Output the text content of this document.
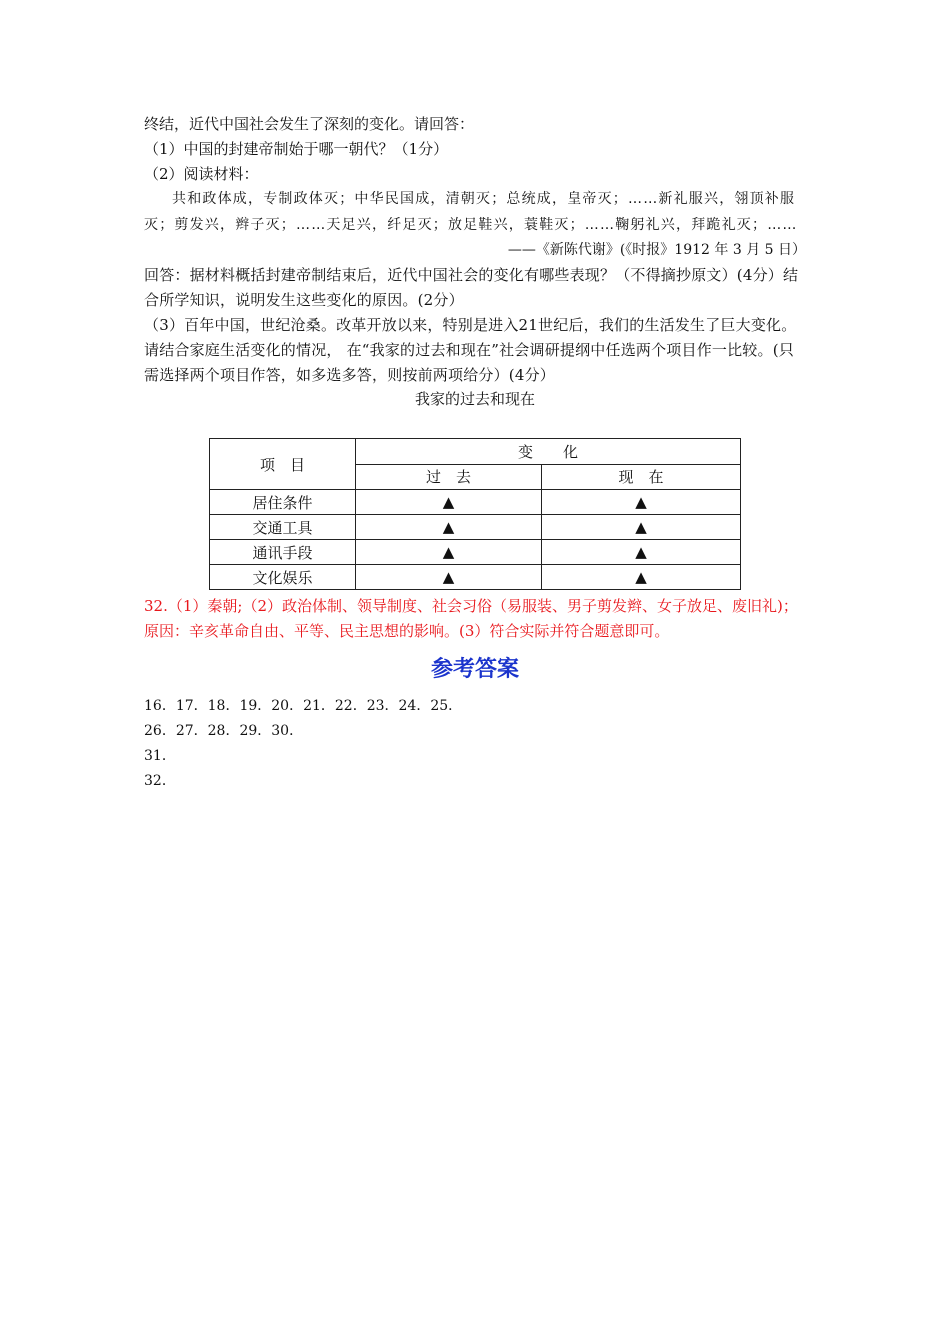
终结，近代中国社会发生了深刻的变化。请回答：
（1）中国的封建帝制始于哪一朝代？（1分）
（2）阅读材料：
共和政体成，专制政体灭；中华民国成，清朝灭；总统成，皇帝灭；……新礼服兴，翎顶补服灭；剪发兴，辫子灭；……天足兴，纤足灭；放足鞋兴，蓑鞋灭；……鞠躬礼兴，拜跪礼灭；……
——《新陈代谢》(《时报》1912 年 3 月 5 日）
回答：据材料概括封建帝制结束后，近代中国社会的变化有哪些表现？（不得摘抄原文）(4分）结合所学知识，说明发生这些变化的原因。(2分）
（3）百年中国，世纪沧桑。改革开放以来，特别是进入21世纪后，我们的生活发生了巨大变化。请结合家庭生活变化的情况， 在“我家的过去和现在”社会调研提纲中任选两个项目作一比较。(只需选择两个项目作答，如多选多答，则按前两项给分）(4分）
我家的过去和现在
项　目	变　　化	
	过　去	现　在
居住条件	▲	▲
交通工具	▲	▲
通讯手段	▲	▲
文化娱乐	▲	▲
32.（1）秦朝;（2）政治体制、领导制度、社会习俗（易服装、男子剪发辫、女子放足、废旧礼)；原因：辛亥革命自由、平等、民主思想的影响。(3）符合实际并符合题意即可。
参考答案
16．17．18．19．20．21．22．23．24．25．
26．27．28．29．30．
31．
32．
